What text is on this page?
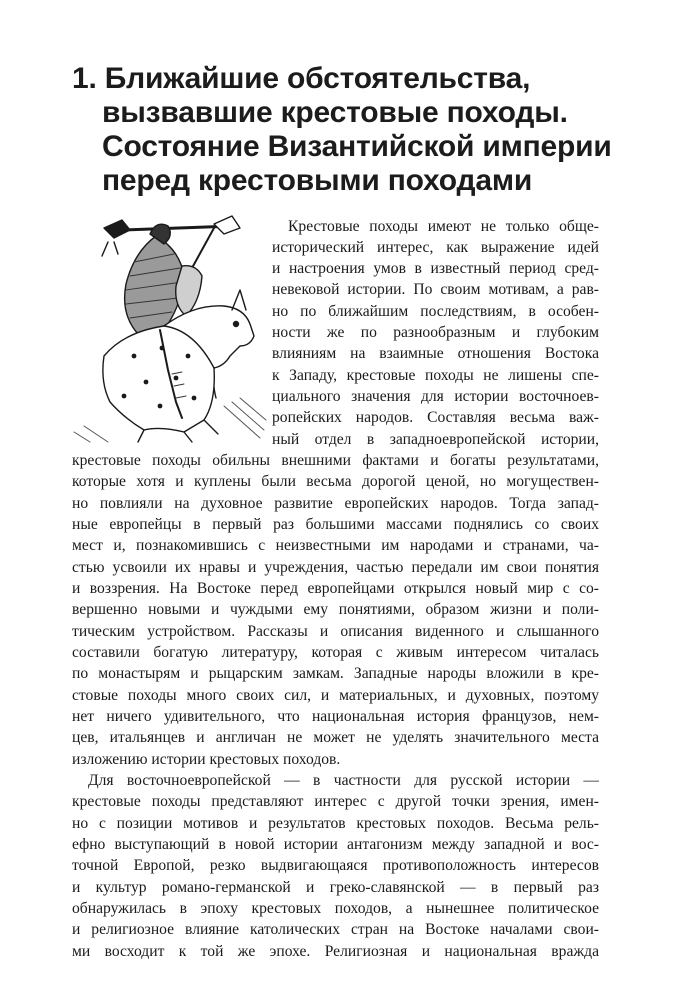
1. Ближайшие обстоятельства,
вызвавшие крестовые походы.
Состояние Византийской империи
перед крестовыми походами
Крестовые походы имеют не только обще-
исторический интерес, как выражение идей
и настроения умов в известный период сред-
невековой истории. По своим мотивам, а рав-
но по ближайшим последствиям, в особен-
ности же по разнообразным и глубоким
влияниям на взаимные отношения Востока
к Западу, крестовые походы не лишены спе-
циального значения для истории восточноев-
ропейских народов. Составляя весьма важ-
ный отдел в западноевропейской истории,
крестовые походы обильны внешними фактами и богаты результатами,
которые хотя и куплены были весьма дорогой ценой, но могуществен-
но повлияли на духовное развитие европейских народов. Тогда запад-
ные европейцы в первый раз большими массами поднялись со своих
мест и, познакомившись с неизвестными им народами и странами, ча-
стью усвоили их нравы и учреждения, частью передали им свои понятия
и воззрения. На Востоке перед европейцами открылся новый мир с со-
вершенно новыми и чуждыми ему понятиями, образом жизни и поли-
тическим устройством. Рассказы и описания виденного и слышанного
составили богатую литературу, которая с живым интересом читалась
по монастырям и рыцарским замкам. Западные народы вложили в кре-
стовые походы много своих сил, и материальных, и духовных, поэтому
нет ничего удивительного, что национальная история французов, нем-
цев, итальянцев и англичан не может не уделять значительного места
изложению истории крестовых походов.
Для восточноевропейской — в частности для русской истории —
крестовые походы представляют интерес с другой точки зрения, имен-
но с позиции мотивов и результатов крестовых походов. Весьма рель-
ефно выступающий в новой истории антагонизм между западной и вос-
точной Европой, резко выдвигающаяся противоположность интересов
и культур романо-германской и греко-славянской — в первый раз
обнаружилась в эпоху крестовых походов, а нынешнее политическое
и религиозное влияние католических стран на Востоке началами свои-
ми восходит к той же эпохе. Религиозная и национальная вражда
